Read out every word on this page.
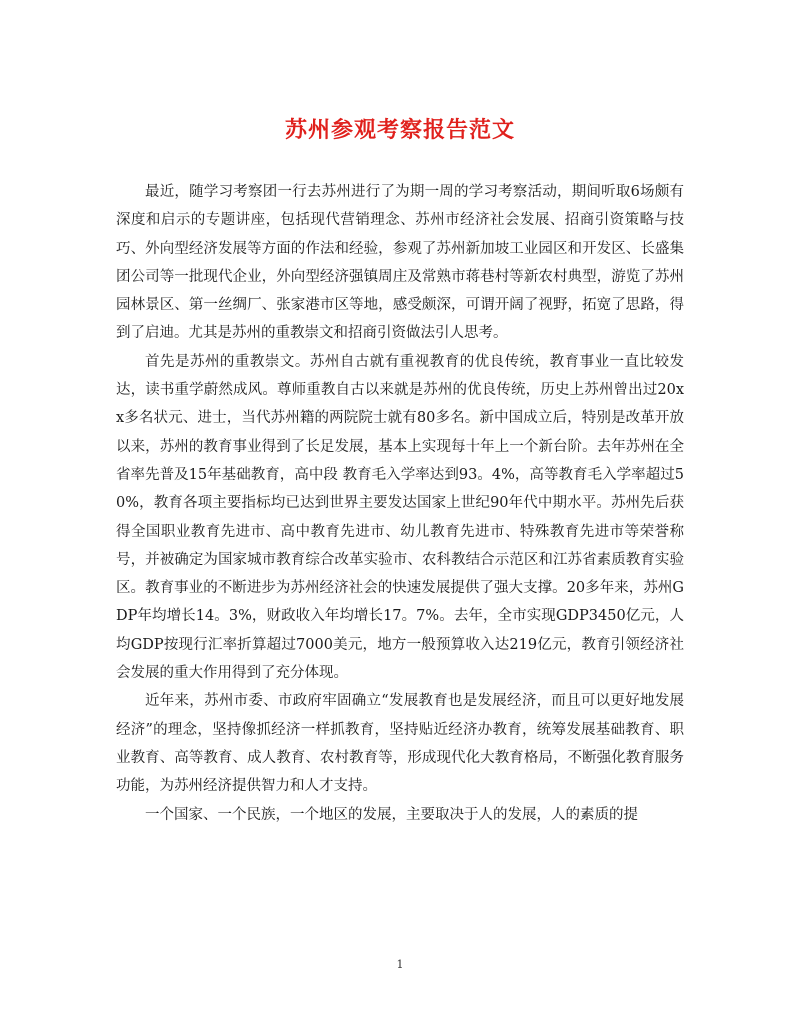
苏州参观考察报告范文

最近，随学习考察团一行去苏州进行了为期一周的学习考察活动，期间听取6场颇有深度和启示的专题讲座，包括现代营销理念、苏州市经济社会发展、招商引资策略与技巧、外向型经济发展等方面的作法和经验，参观了苏州新加坡工业园区和开发区、长盛集团公司等一批现代企业，外向型经济强镇周庄及常熟市蒋巷村等新农村典型，游览了苏州园林景区、第一丝绸厂、张家港市区等地，感受颇深，可谓开阔了视野，拓宽了思路，得到了启迪。尤其是苏州的重教崇文和招商引资做法引人思考。

首先是苏州的重教崇文。苏州自古就有重视教育的优良传统，教育事业一直比较发达，读书重学蔚然成风。尊师重教自古以来就是苏州的优良传统，历史上苏州曾出过20xx多名状元、进士，当代苏州籍的两院院士就有80多名。新中国成立后，特别是改革开放以来，苏州的教育事业得到了长足发展，基本上实现每十年上一个新台阶。去年苏州在全省率先普及15年基础教育，高中段 教育毛入学率达到93。4%，高等教育毛入学率超过50%，教育各项主要指标均已达到世界主要发达国家上世纪90年代中期水平。苏州先后获得全国职业教育先进市、高中教育先进市、幼儿教育先进市、特殊教育先进市等荣誉称号，并被确定为国家城市教育综合改革实验市、农科教结合示范区和江苏省素质教育实验区。教育事业的不断进步为苏州经济社会的快速发展提供了强大支撑。20多年来，苏州GDP年均增长14。3%，财政收入年均增长17。7%。去年，全市实现GDP3450亿元，人均GDP按现行汇率折算超过7000美元，地方一般预算收入达219亿元，教育引领经济社会发展的重大作用得到了充分体现。

近年来，苏州市委、市政府牢固确立“发展教育也是发展经济，而且可以更好地发展经济”的理念，坚持像抓经济一样抓教育，坚持贴近经济办教育，统筹发展基础教育、职业教育、高等教育、成人教育、农村教育等，形成现代化大教育格局，不断强化教育服务功能，为苏州经济提供智力和人才支持。

一个国家、一个民族，一个地区的发展，主要取决于人的发展，人的素质的提

1
